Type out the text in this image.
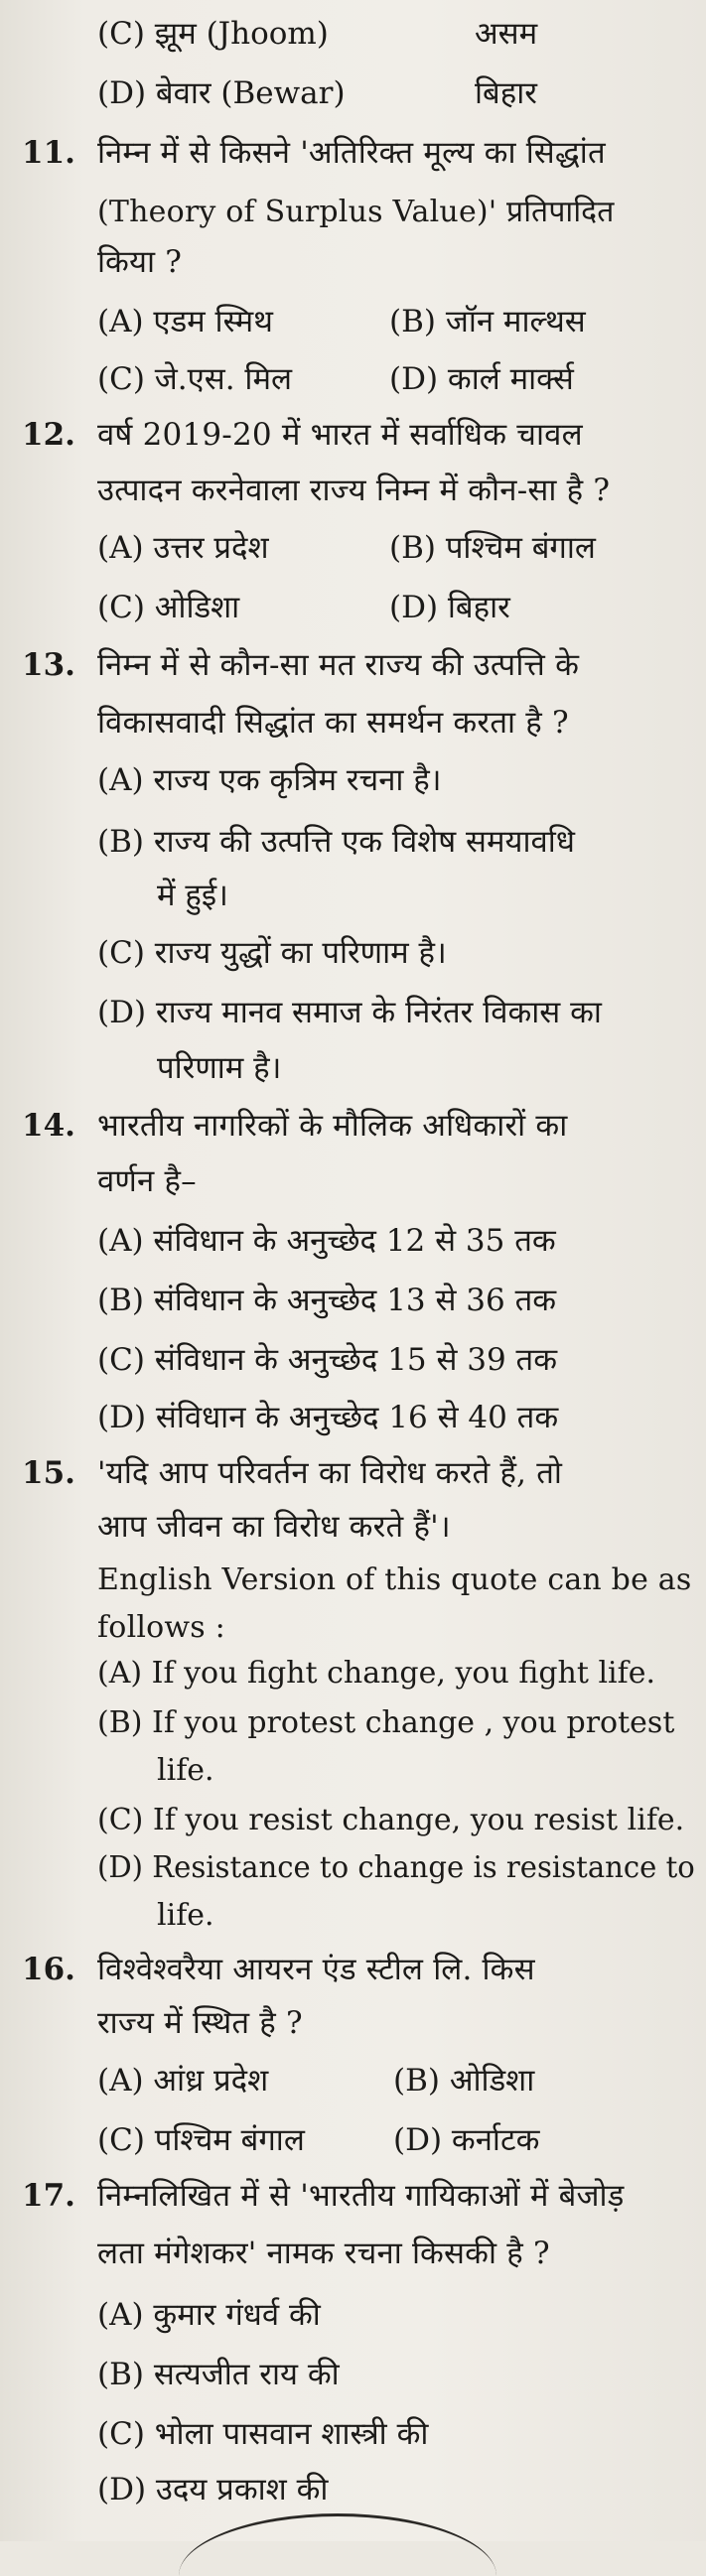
(C) झूम (Jhoom)	असम
(D) बेवार (Bewar)	बिहार
11. निम्न में से किसने 'अतिरिक्त मूल्य का सिद्धांत
(Theory of Surplus Value)' प्रतिपादित
किया ?
(A) एडम स्मिथ	(B) जॉन माल्थस
(C) जे.एस. मिल	(D) कार्ल मार्क्स
12. वर्ष 2019-20 में भारत में सर्वाधिक चावल
उत्पादन करनेवाला राज्य निम्न में कौन-सा है ?
(A) उत्तर प्रदेश	(B) पश्चिम बंगाल
(C) ओडिशा	(D) बिहार
13. निम्न में से कौन-सा मत राज्य की उत्पत्ति के
विकासवादी सिद्धांत का समर्थन करता है ?
(A) राज्य एक कृत्रिम रचना है।
(B) राज्य की उत्पत्ति एक विशेष समयावधि
में हुई।
(C) राज्य युद्धों का परिणाम है।
(D) राज्य मानव समाज के निरंतर विकास का
परिणाम है।
14. भारतीय नागरिकों के मौलिक अधिकारों का
वर्णन है–
(A) संविधान के अनुच्छेद 12 से 35 तक
(B) संविधान के अनुच्छेद 13 से 36 तक
(C) संविधान के अनुच्छेद 15 से 39 तक
(D) संविधान के अनुच्छेद 16 से 40 तक
15. 'यदि आप परिवर्तन का विरोध करते हैं, तो
आप जीवन का विरोध करते हैं'।
English Version of this quote can be as
follows :
(A) If you fight change, you fight life.
(B) If you protest change , you protest
life.
(C) If you resist change, you resist life.
(D) Resistance to change is resistance to
life.
16. विश्वेश्वरैया आयरन एंड स्टील लि. किस
राज्य में स्थित है ?
(A) आंध्र प्रदेश	(B) ओडिशा
(C) पश्चिम बंगाल	(D) कर्नाटक
17. निम्नलिखित में से 'भारतीय गायिकाओं में बेजोड़
लता मंगेशकर' नामक रचना किसकी है ?
(A) कुमार गंधर्व की
(B) सत्यजीत राय की
(C) भोला पासवान शास्त्री की
(D) उदय प्रकाश की
